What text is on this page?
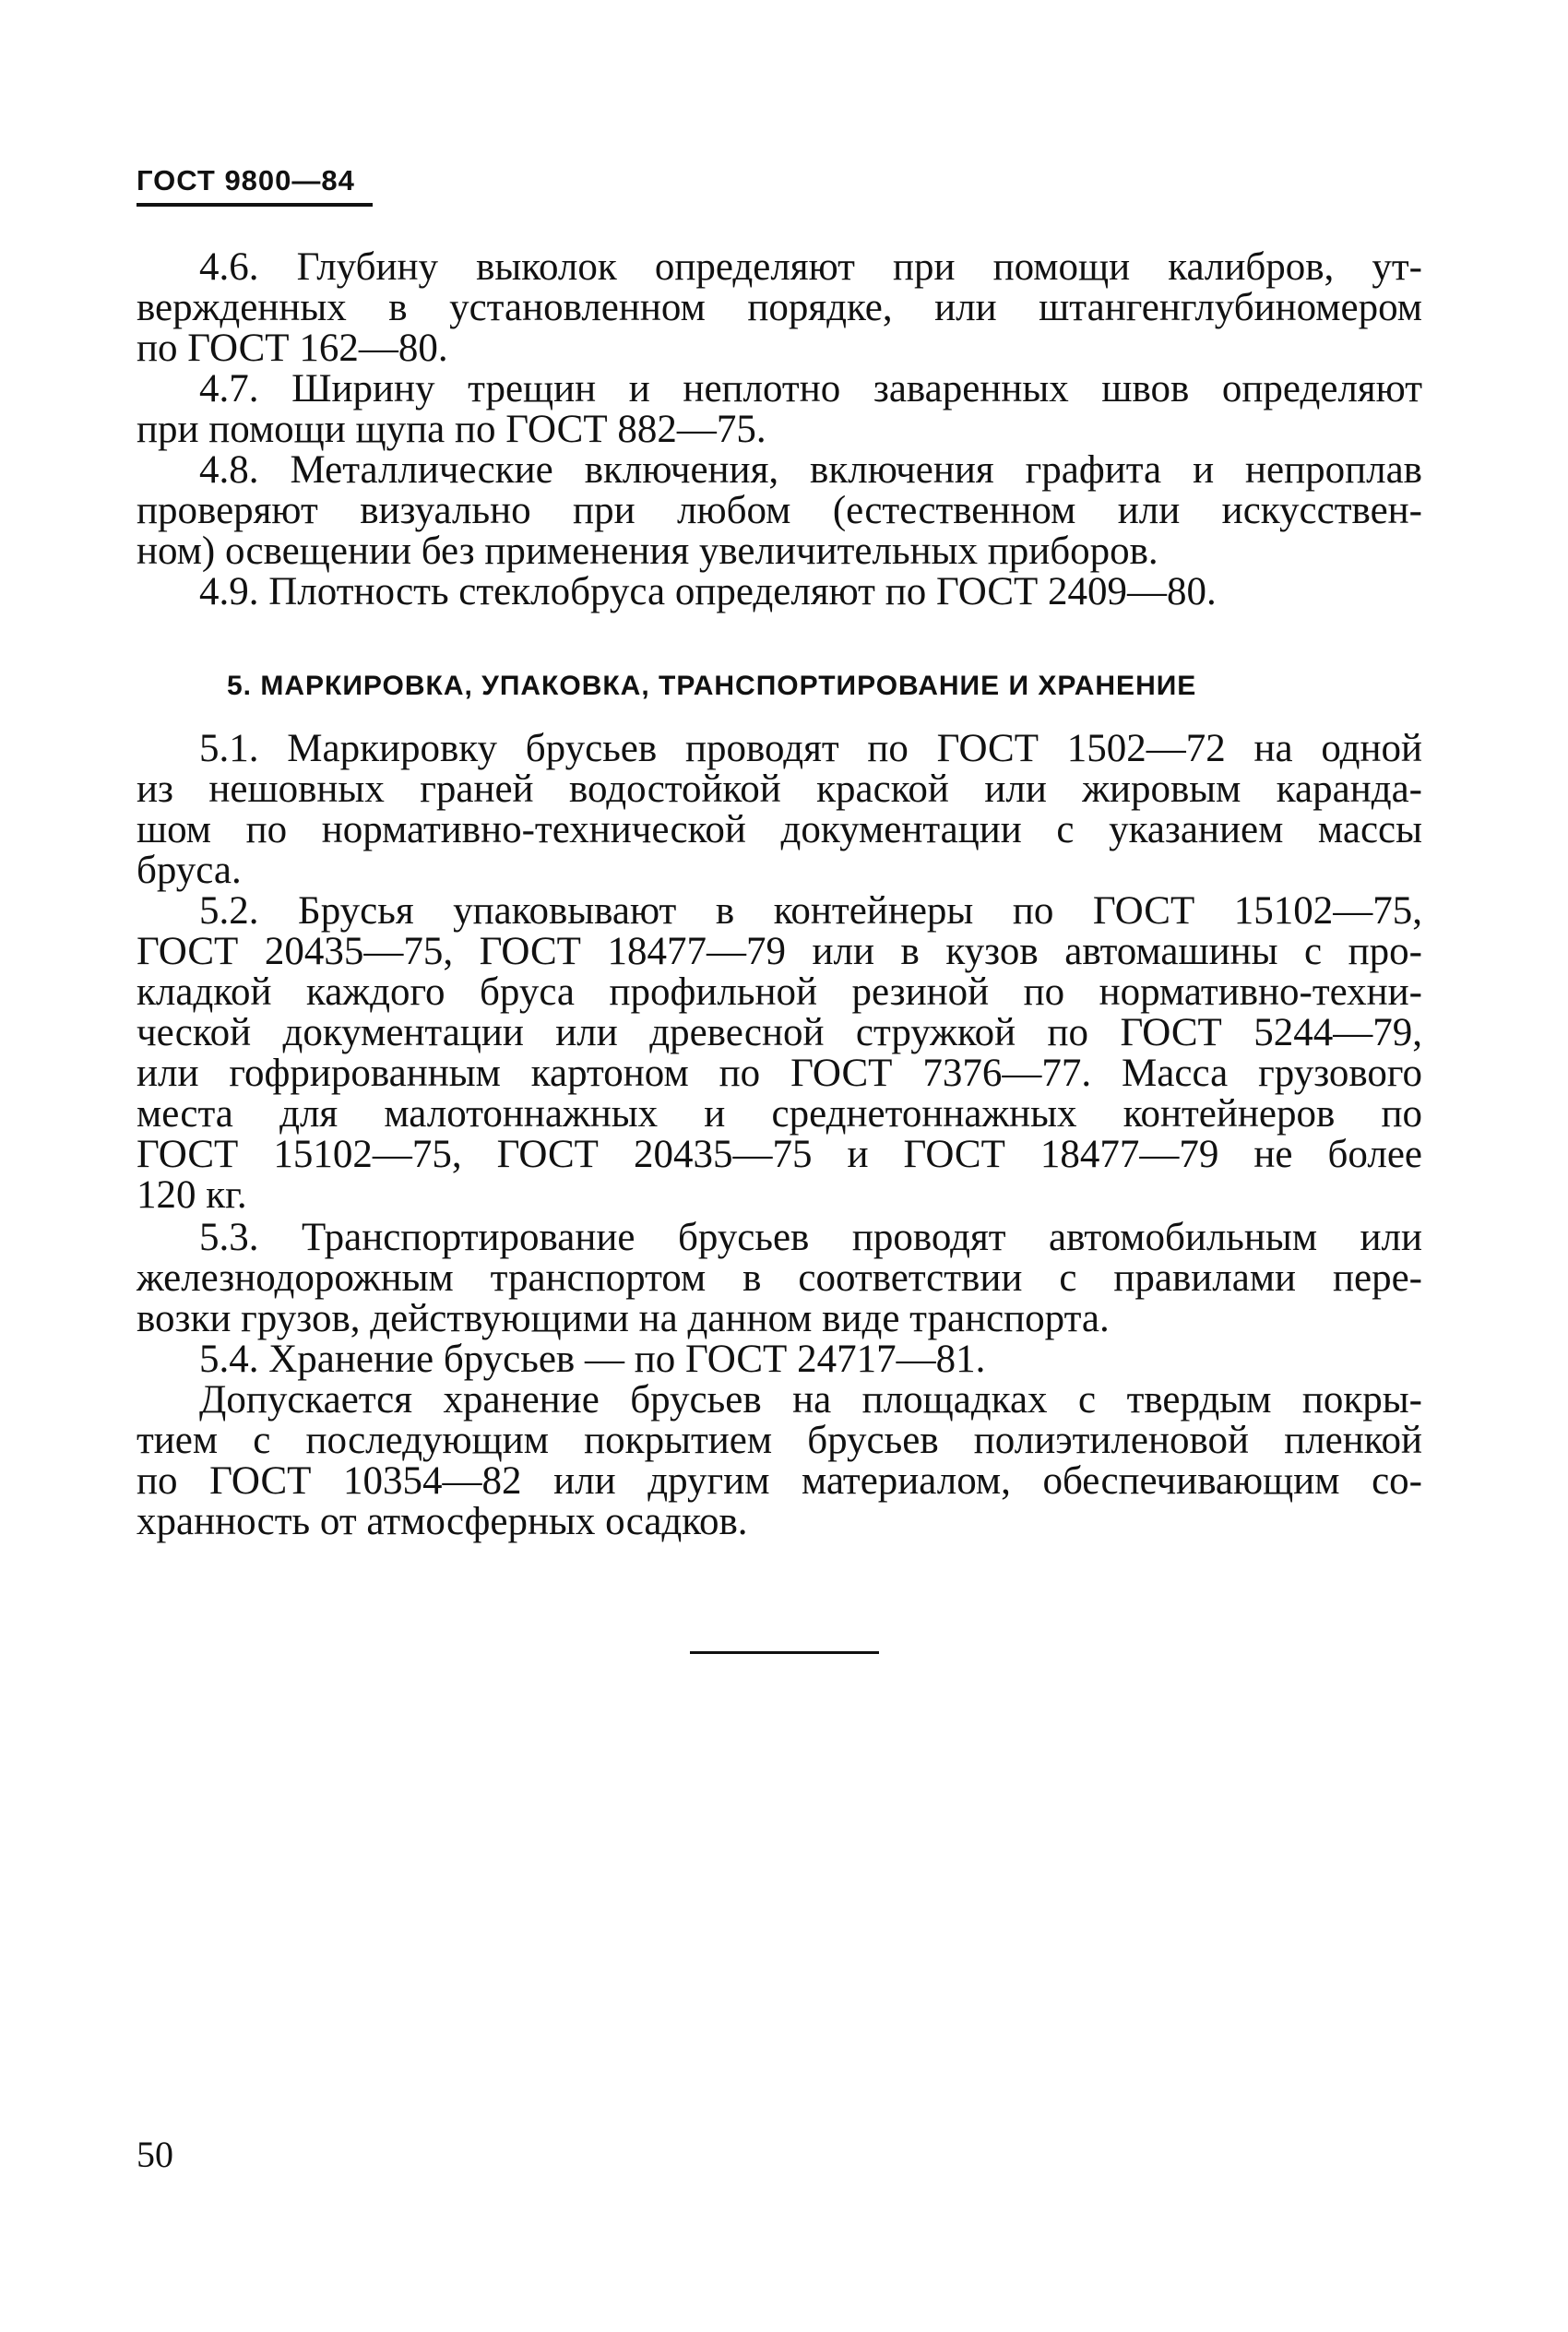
ГОСТ 9800—84
4.6. Глубину выколок определяют при помощи калибров, ут-
вержденных в установленном порядке, или штангенглубиномером
по ГОСТ 162—80.
4.7. Ширину трещин и неплотно заваренных швов определяют
при помощи щупа по ГОСТ 882—75.
4.8. Металлические включения, включения графита и непроплав
проверяют визуально при любом (естественном или искусствен-
ном) освещении без применения увеличительных приборов.
4.9. Плотность стеклобруса определяют по ГОСТ 2409—80.
5. МАРКИРОВКА, УПАКОВКА, ТРАНСПОРТИРОВАНИЕ И ХРАНЕНИЕ
5.1. Маркировку брусьев проводят по ГОСТ 1502—72 на одной
из нешовных граней водостойкой краской или жировым каранда-
шом по нормативно-технической документации с указанием массы
бруса.
5.2. Брусья упаковывают в контейнеры по ГОСТ 15102—75,
ГОСТ 20435—75, ГОСТ 18477—79 или в кузов автомашины с про-
кладкой каждого бруса профильной резиной по нормативно-техни-
ческой документации или древесной стружкой по ГОСТ 5244—79,
или гофрированным картоном по ГОСТ 7376—77. Масса грузового
места для малотоннажных и среднетоннажных контейнеров по
ГОСТ 15102—75, ГОСТ 20435—75 и ГОСТ 18477—79 не более
120 кг.
5.3. Транспортирование брусьев проводят автомобильным или
железнодорожным транспортом в соответствии с правилами пере-
возки грузов, действующими на данном виде транспорта.
5.4. Хранение брусьев — по ГОСТ 24717—81.
Допускается хранение брусьев на площадках с твердым покры-
тием с последующим покрытием брусьев полиэтиленовой пленкой
по ГОСТ 10354—82 или другим материалом, обеспечивающим со-
хранность от атмосферных осадков.
50
